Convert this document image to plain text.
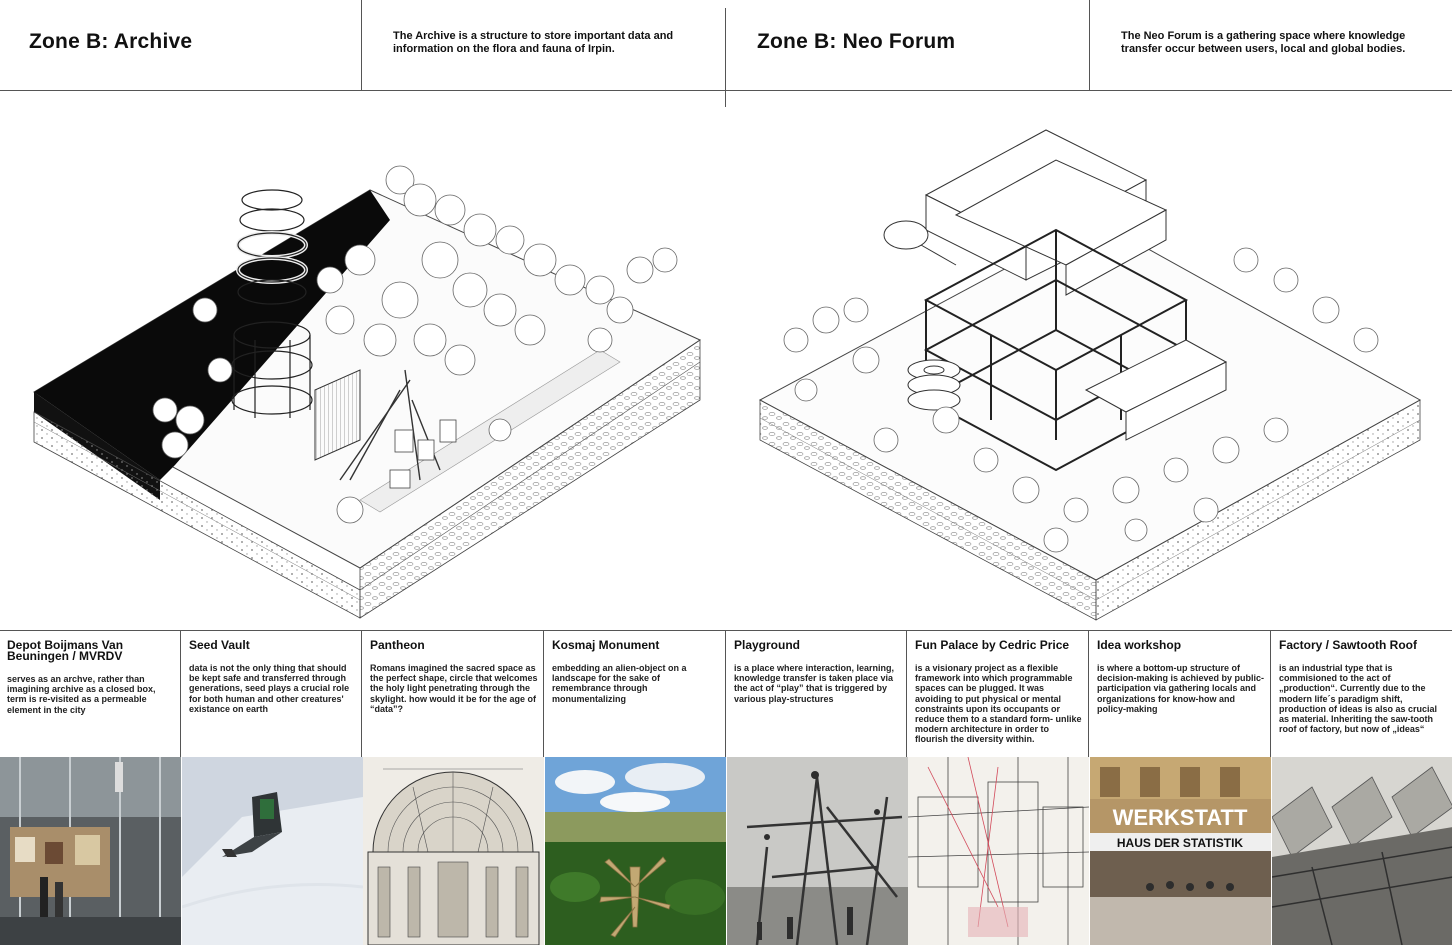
Zone B: Archive	The Archive is a structure to store important data and information on the flora and fauna of Irpin.	Zone B: Neo Forum	The Neo Forum is a gathering space where knowledge transfer occur between users, local and global bodies.
Depot Boijmans Van Beuningen / MVRDV

serves as an archve, rather than imagining archive as a closed box, term is re-visited as a permeable element in the city

Seed Vault

data is not the only thing that should be kept safe and transferred through generations, seed plays a crucial role for both human and other creatures' existance on earth

Pantheon

Romans imagined the sacred space as the perfect shape, circle that welcomes the holy light penetrating through the skylight. how would it be for the age of “data”?

Kosmaj Monument

embedding an alien-object on a landscape for the sake of remembrance through monumentalizing

Playground

is a place where interaction, learning, knowledge transfer is taken place via the act of “play” that is triggered by various play-structures

Fun Palace by Cedric Price

is a visionary project as a flexible framework into which programmable spaces can be plugged. It was avoiding to put physical or mental constraints upon its occupants or reduce them to a standard form- unlike modern architecture in order to flourish the diversity within.

Idea workshop

is where a bottom-up structure of decision-making is achieved by public-participation via gathering locals and organizations for know-how and policy-making

Factory / Sawtooth Roof

is an industrial type that is commisioned to the act of „production“. Currently due to the modern life´s paradigm shift, production of ideas is also as crucial as material. Inheriting the saw-tooth roof of factory, but now of „ideas“

WERKSTATT
HAUS DER STATISTIK
